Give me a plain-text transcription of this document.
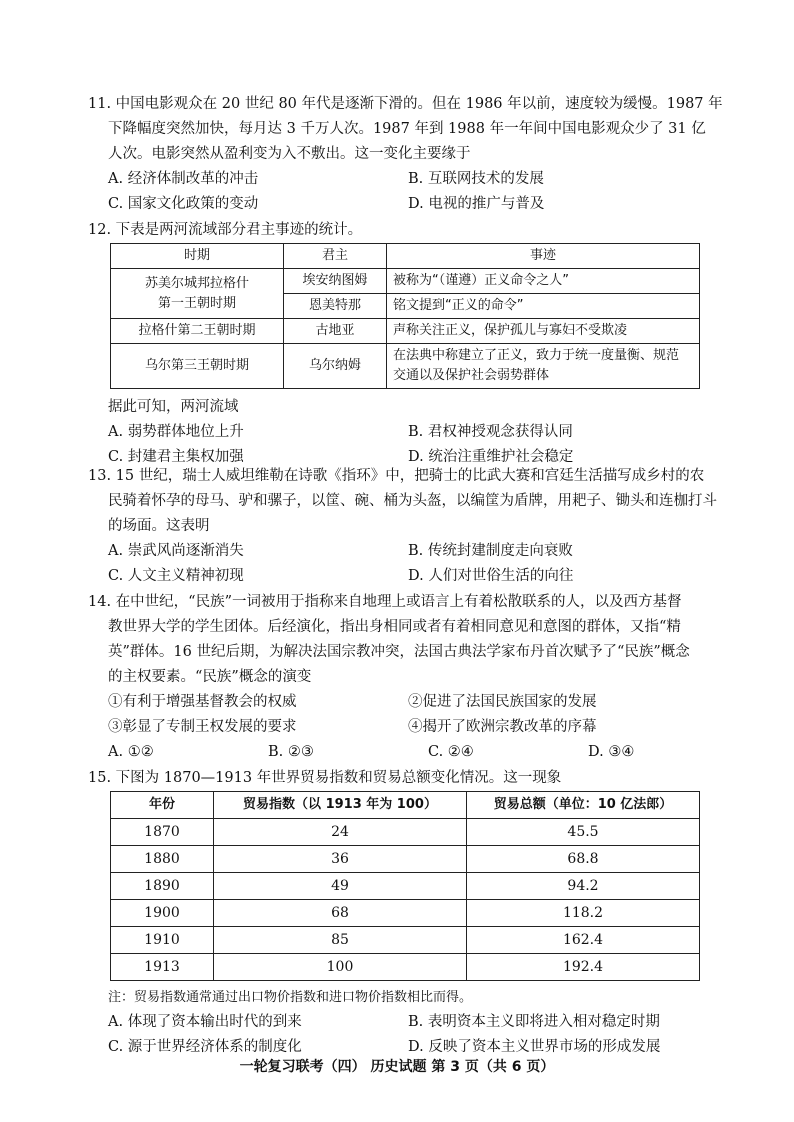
11. 中国电影观众在 20 世纪 80 年代是逐渐下滑的。但在 1986 年以前，速度较为缓慢。1987 年
下降幅度突然加快，每月达 3 千万人次。1987 年到 1988 年一年间中国电影观众少了 31 亿
人次。电影突然从盈利变为入不敷出。这一变化主要缘于
A. 经济体制改革的冲击	B. 互联网技术的发展
C. 国家文化政策的变动	D. 电视的推广与普及
12. 下表是两河流域部分君主事迹的统计。
时期	君主	事迹

苏美尔城邦拉格什
第一王朝时期	埃安纳图姆	被称为“（谨遵）正义命令之人”
	恩美特那	铭文提到“正义的命令”
拉格什第二王朝时期	古地亚	声称关注正义，保护孤儿与寡妇不受欺凌
乌尔第三王朝时期	乌尔纳姆	在法典中称建立了正义，致力于统一度量衡、规范
交通以及保护社会弱势群体
据此可知，两河流域
A. 弱势群体地位上升	B. 君权神授观念获得认同
C. 封建君主集权加强	D. 统治注重维护社会稳定
13. 15 世纪，瑞士人威坦维勒在诗歌《指环》中，把骑士的比武大赛和宫廷生活描写成乡村的农
民骑着怀孕的母马、驴和骡子，以筐、碗、桶为头盔，以编筐为盾牌，用耙子、锄头和连枷打斗
的场面。这表明
A. 崇武风尚逐渐消失	B. 传统封建制度走向衰败
C. 人文主义精神初现	D. 人们对世俗生活的向往
14. 在中世纪，“民族”一词被用于指称来自地理上或语言上有着松散联系的人，以及西方基督
教世界大学的学生团体。后经演化，指出身相同或者有着相同意见和意图的群体，又指“精
英”群体。16 世纪后期，为解决法国宗教冲突，法国古典法学家布丹首次赋予了“民族”概念
的主权要素。“民族”概念的演变
①有利于增强基督教会的权威	②促进了法国民族国家的发展
③彰显了专制王权发展的要求	④揭开了欧洲宗教改革的序幕
A. ①②	B. ②③	C. ②④	D. ③④
15. 下图为 1870—1913 年世界贸易指数和贸易总额变化情况。这一现象
年份	贸易指数（以 1913 年为 100）	贸易总额（单位：10 亿法郎）
1870	24	45.5
1880	36	68.8
1890	49	94.2
1900	68	118.2
1910	85	162.4
1913	100	192.4
注：贸易指数通常通过出口物价指数和进口物价指数相比而得。
A. 体现了资本输出时代的到来	B. 表明资本主义即将进入相对稳定时期
C. 源于世界经济体系的制度化	D. 反映了资本主义世界市场的形成发展
一轮复习联考（四） 历史试题 第 3 页（共 6 页）
